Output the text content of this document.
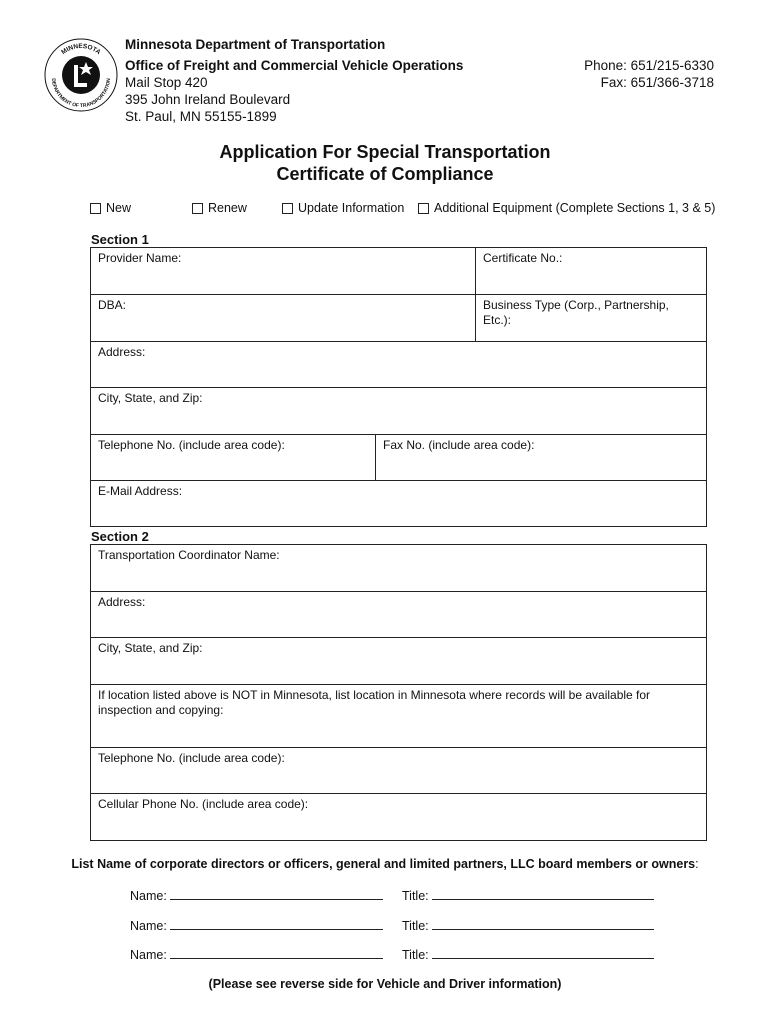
MINNESOTA
DEPARTMENT OF TRANSPORTATION
Minnesota Department of Transportation
Office of Freight and Commercial Vehicle Operations
Mail Stop 420
395 John Ireland Boulevard
St. Paul, MN 55155-1899
Phone: 651/215-6330
Fax: 651/366-3718
Application For Special Transportation
Certificate of Compliance
New	Renew	Update Information Additional Equipment (Complete Sections 1, 3 & 5)
Section 1
Provider Name:	Certificate No.:
DBA:	Business Type (Corp., Partnership, Etc.):
Address:
City, State, and Zip:
Telephone No. (include area code):	Fax No. (include area code):
E-Mail Address:
Section 2
Transportation Coordinator Name:
Address:
City, State, and Zip:
If location listed above is NOT in Minnesota, list location in Minnesota where records will be available for inspection and copying:
Telephone No. (include area code):
Cellular Phone No. (include area code):
List Name of corporate directors or officers, general and limited partners, LLC board members or owners:
Name:	Title:
Name:	Title:
Name:	Title:
(Please see reverse side for Vehicle and Driver information)
